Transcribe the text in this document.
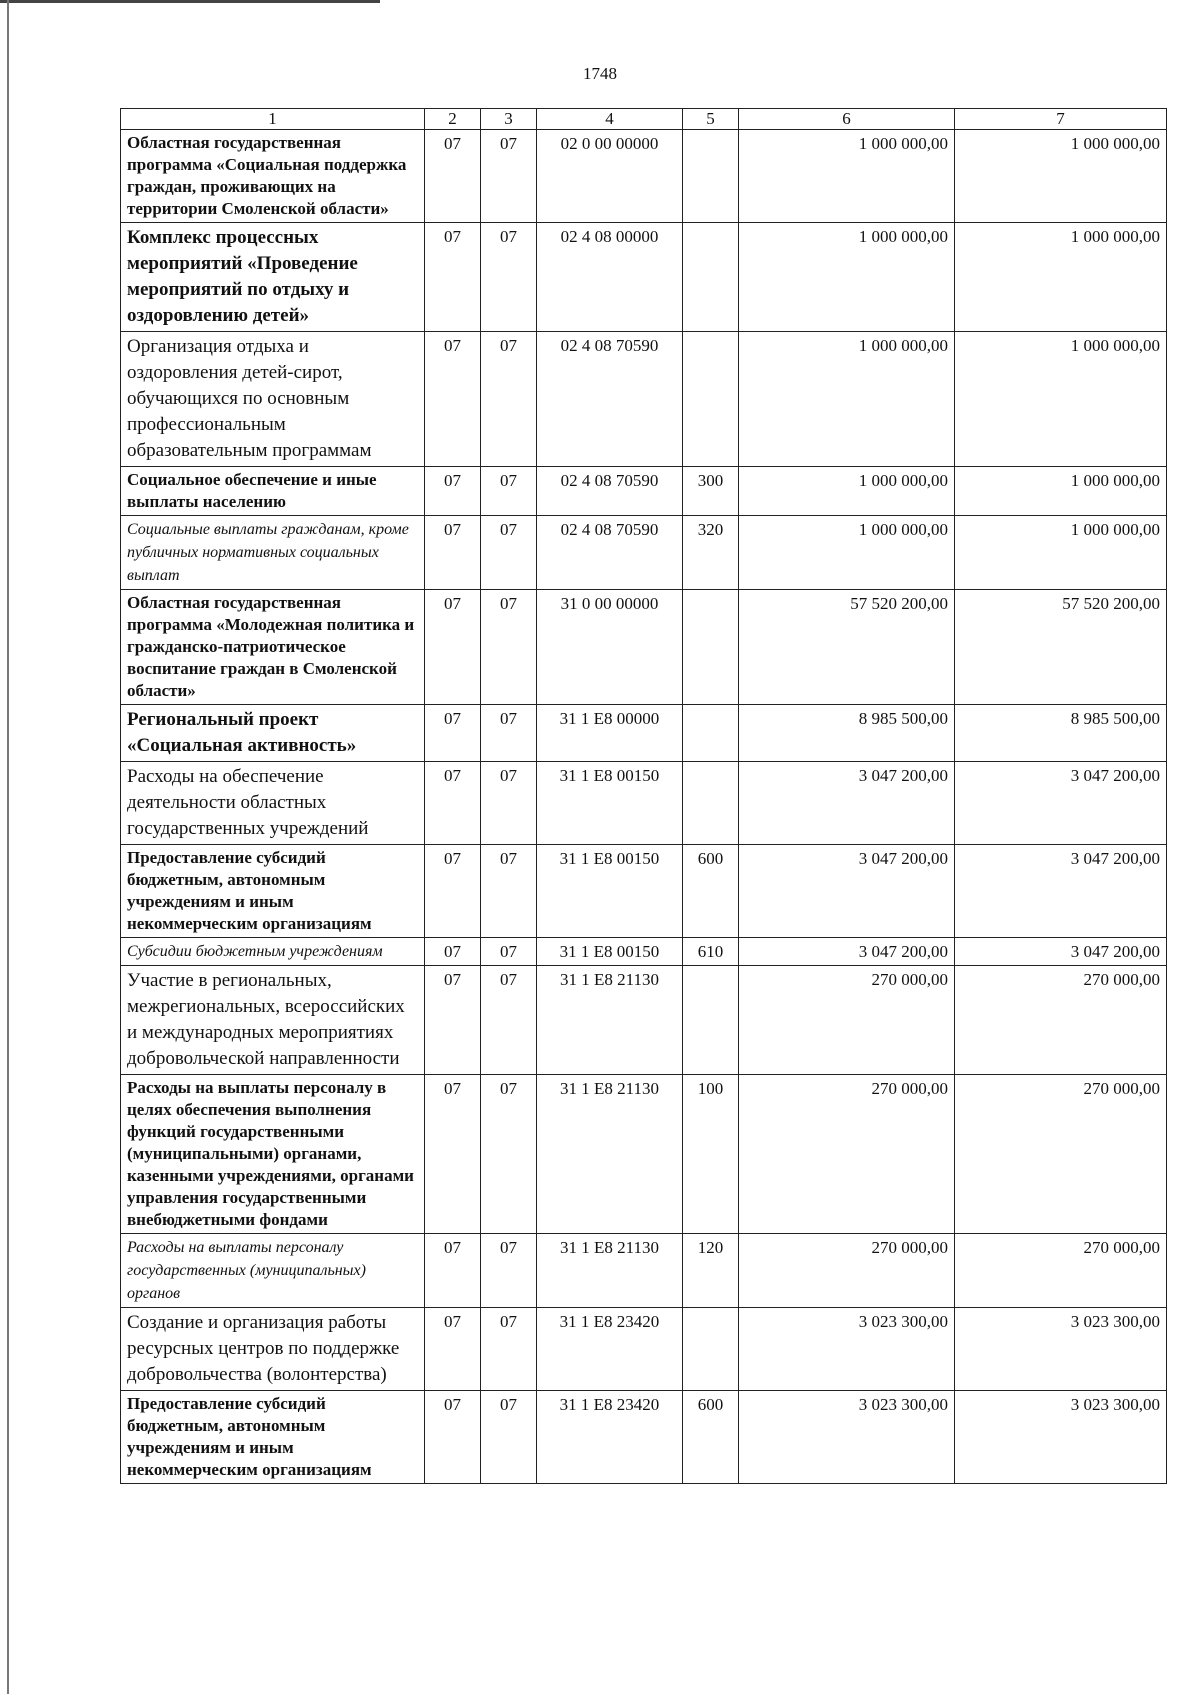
1748
1	2	3	4	5	6	7
Областная государственная программа «Социальная поддержка граждан, проживающих на территории Смоленской области»	07	07	02 0 00 00000		1 000 000,00	1 000 000,00
Комплекс процессных мероприятий «Проведение мероприятий по отдыху и оздоровлению детей»	07	07	02 4 08 00000		1 000 000,00	1 000 000,00
Организация отдыха и оздоровления детей-сирот, обучающихся по основным профессиональным образовательным программам	07	07	02 4 08 70590		1 000 000,00	1 000 000,00
Социальное обеспечение и иные выплаты населению	07	07	02 4 08 70590	300	1 000 000,00	1 000 000,00
Социальные выплаты гражданам, кроме публичных нормативных социальных выплат	07	07	02 4 08 70590	320	1 000 000,00	1 000 000,00
Областная государственная программа «Молодежная политика и гражданско-патриотическое воспитание граждан в Смоленской области»	07	07	31 0 00 00000		57 520 200,00	57 520 200,00
Региональный проект «Социальная активность»	07	07	31 1 E8 00000		8 985 500,00	8 985 500,00
Расходы на обеспечение деятельности областных государственных учреждений	07	07	31 1 E8 00150		3 047 200,00	3 047 200,00
Предоставление субсидий бюджетным, автономным учреждениям и иным некоммерческим организациям	07	07	31 1 E8 00150	600	3 047 200,00	3 047 200,00
Субсидии бюджетным учреждениям	07	07	31 1 E8 00150	610	3 047 200,00	3 047 200,00
Участие в региональных, межрегиональных, всероссийских и международных мероприятиях добровольческой направленности	07	07	31 1 E8 21130		270 000,00	270 000,00
Расходы на выплаты персоналу в целях обеспечения выполнения функций государственными (муниципальными) органами, казенными учреждениями, органами управления государственными внебюджетными фондами	07	07	31 1 E8 21130	100	270 000,00	270 000,00
Расходы на выплаты персоналу государственных (муниципальных) органов	07	07	31 1 E8 21130	120	270 000,00	270 000,00
Создание и организация работы ресурсных центров по поддержке добровольчества (волонтерства)	07	07	31 1 E8 23420		3 023 300,00	3 023 300,00
Предоставление субсидий бюджетным, автономным учреждениям и иным некоммерческим организациям	07	07	31 1 E8 23420	600	3 023 300,00	3 023 300,00
